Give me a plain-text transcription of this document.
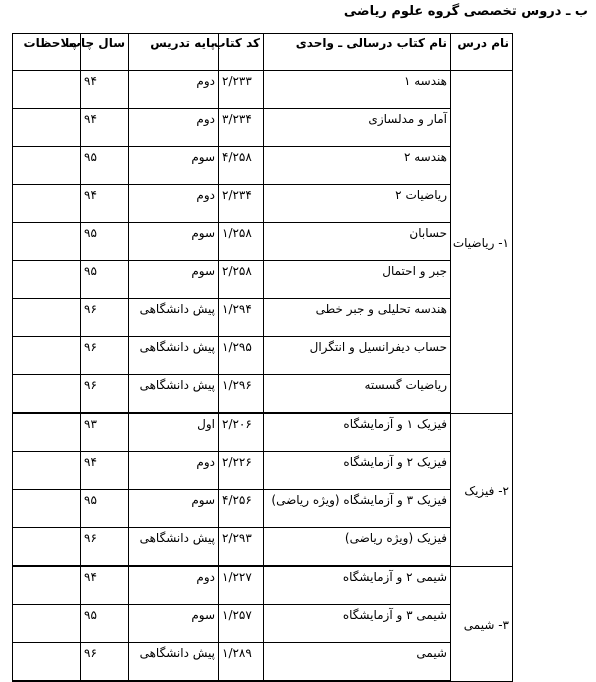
ب ـ دروس تخصصی گروه علوم ریاضی
نام درس	نام کتاب درسالی ـ واحدی	کد کتاب	پایه تدریس	سال چاپ	ملاحظات
۱- ریاضیات	هندسه ۱	۲/۲۳۳	دوم	۹۴	
	آمار و مدلسازی	۳/۲۳۴	دوم	۹۴	
	هندسه ۲	۴/۲۵۸	سوم	۹۵	
	ریاضیات ۲	۲/۲۳۴	دوم	۹۴	
	حسابان	۱/۲۵۸	سوم	۹۵	
	جبر و احتمال	۲/۲۵۸	سوم	۹۵	
	هندسه تحلیلی و جبر خطی	۱/۲۹۴	پیش دانشگاهی	۹۶	
	حساب دیفرانسیل و انتگرال	۱/۲۹۵	پیش دانشگاهی	۹۶	
	ریاضیات گسسته	۱/۲۹۶	پیش دانشگاهی	۹۶	
۲- فیزیک	فیزیک ۱ و آزمایشگاه	۲/۲۰۶	اول	۹۳	
	فیزیک ۲ و آزمایشگاه	۲/۲۲۶	دوم	۹۴	
	فیزیک ۳ و آزمایشگاه (ویژه ریاضی)	۴/۲۵۶	سوم	۹۵	
	فیزیک (ویژه ریاضی)	۲/۲۹۳	پیش دانشگاهی	۹۶	
۳- شیمی	شیمی ۲ و آزمایشگاه	۱/۲۲۷	دوم	۹۴	
	شیمی ۳ و آزمایشگاه	۱/۲۵۷	سوم	۹۵	
	شیمی	۱/۲۸۹	پیش دانشگاهی	۹۶	
